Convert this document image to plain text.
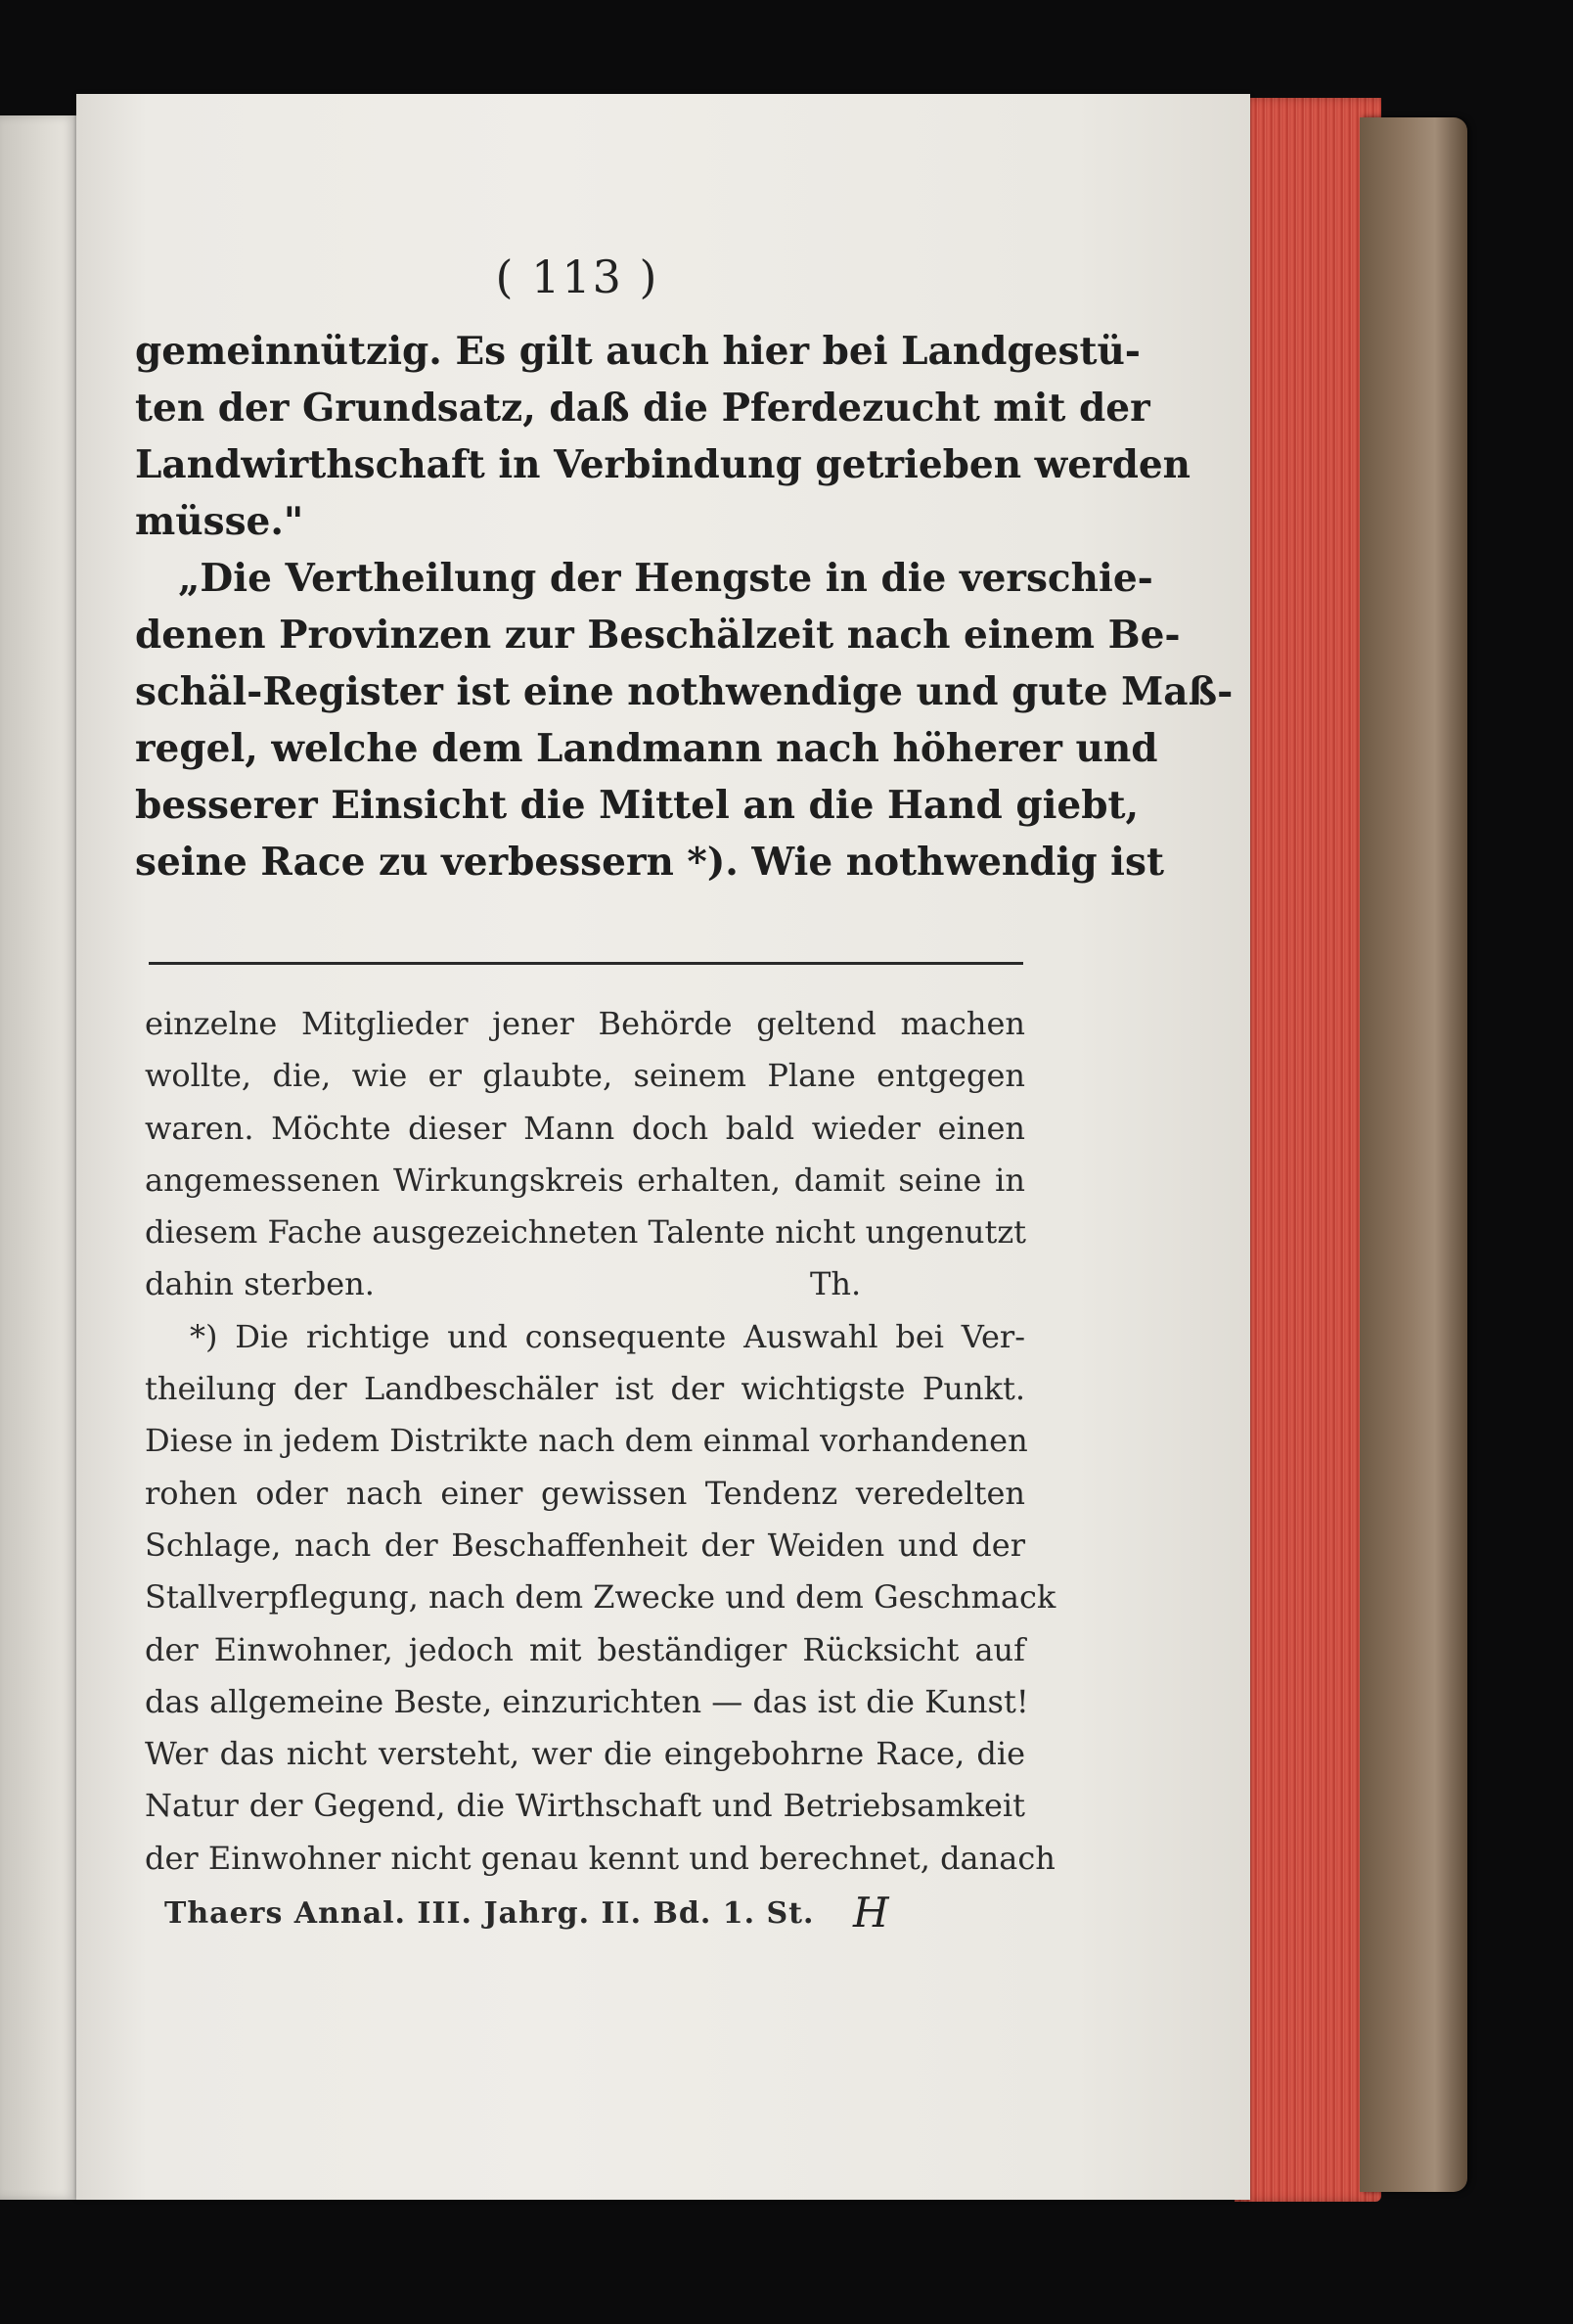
( 113 )
gemeinnützig. Es gilt auch hier bei Landgestü-
ten der Grundsatz, daß die Pferdezucht mit der
Landwirthschaft in Verbindung getrieben werden
müsse."
„Die Vertheilung der Hengste in die verschie-
denen Provinzen zur Beschälzeit nach einem Be-
schäl-Register ist eine nothwendige und gute Maß-
regel, welche dem Landmann nach höherer und
besserer Einsicht die Mittel an die Hand giebt,
seine Race zu verbessern *). Wie nothwendig ist
einzelne Mitglieder jener Behörde geltend machen
wollte, die, wie er glaubte, seinem Plane entgegen
waren. Möchte dieser Mann doch bald wieder einen
angemessenen Wirkungskreis erhalten, damit seine in
diesem Fache ausgezeichneten Talente nicht ungenutzt
dahin sterben.	Th.
*) Die richtige und consequente Auswahl bei Ver-
theilung der Landbeschäler ist der wichtigste Punkt.
Diese in jedem Distrikte nach dem einmal vorhandenen
rohen oder nach einer gewissen Tendenz veredelten
Schlage, nach der Beschaffenheit der Weiden und der
Stallverpflegung, nach dem Zwecke und dem Geschmack
der Einwohner, jedoch mit beständiger Rücksicht auf
das allgemeine Beste, einzurichten — das ist die Kunst!
Wer das nicht versteht, wer die eingebohrne Race, die
Natur der Gegend, die Wirthschaft und Betriebsamkeit
der Einwohner nicht genau kennt und berechnet, danach
Thaers Annal. III. Jahrg. II. Bd. 1. St. H
